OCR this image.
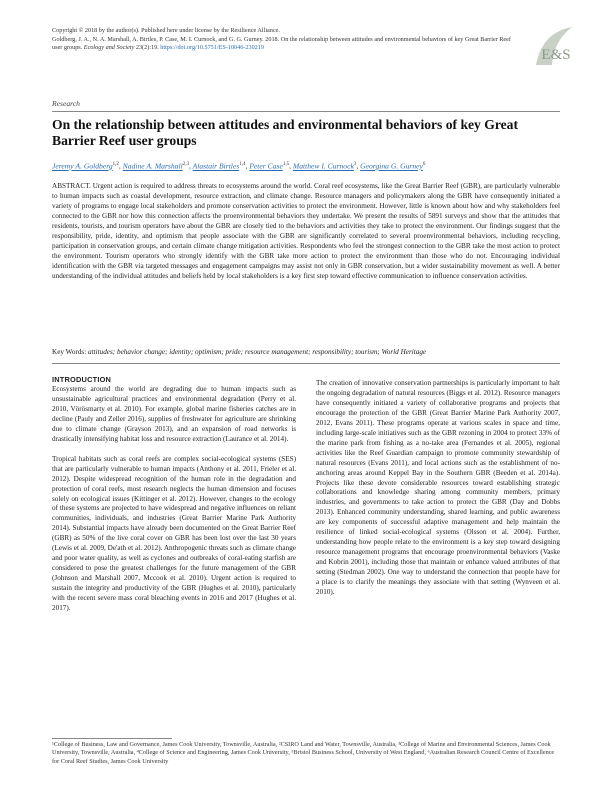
Copyright © 2018 by the author(s). Published here under license by the Resilience Alliance.
Goldberg, J. A., N. A. Marshall, A. Birtles, P. Case, M. I. Curnock, and G. G. Gurney. 2018. On the relationship between attitudes and environmental behaviors of key Great Barrier Reef user groups. Ecology and Society 23(2):19. https://doi.org/10.5751/ES-10046-230219	E&S
Research
On the relationship between attitudes and environmental behaviors of key Great Barrier Reef user groups
Jeremy A. Goldberg$^{1,2}$, Nadine A. Marshall$^{2,3}$, Alastair Birtles$^{1,4}$, Peter Case$^{1,5}$, Matthew I. Curnock$^3$, Georgina G. Gurney$^6$

ABSTRACT. Urgent action is required to address threats to ecosystems around the world. Coral reef ecosystems, like the Great Barrier Reef (GBR), are particularly vulnerable to human impacts such as coastal development, resource extraction, and climate change. Resource managers and policymakers along the GBR have consequently initiated a variety of programs to engage local stakeholders and promote conservation activities to protect the environment. However, little is known about how and why stakeholders feel connected to the GBR nor how this connection affects the proenvironmental behaviors they undertake. We present the results of 5891 surveys and show that the attitudes that residents, tourists, and tourism operators have about the GBR are closely tied to the behaviors and activities they take to protect the environment. Our findings suggest that the responsibility, pride, identity, and optimism that people associate with the GBR are significantly correlated to several proenvironmental behaviors, including recycling, participation in conservation groups, and certain climate change mitigation activities. Respondents who feel the strongest connection to the GBR take the most action to protect the environment. Tourism operators who strongly identify with the GBR take more action to protect the environment than those who do not. Encouraging individual identification with the GBR via targeted messages and engagement campaigns may assist not only in GBR conservation, but a wider sustainability movement as well. A better understanding of the individual attitudes and beliefs held by local stakeholders is a key first step toward effective communication to influence conservation activities.

Key Words: attitudes; behavior change; identity; optimism; pride; resource management; responsibility; tourism; World Heritage

INTRODUCTION

Ecosystems around the world are degrading due to human impacts such as unsustainable agricultural practices and environmental degradation (Perry et al. 2010, Vörösmarty et al. 2010). For example, global marine fisheries catches are in decline (Pauly and Zeller 2016), supplies of freshwater for agriculture are shrinking due to climate change (Grayson 2013), and an expansion of road networks is drastically intensifying habitat loss and resource extraction (Laurance et al. 2014).

Tropical habitats such as coral reefs are complex social-ecological systems (SES) that are particularly vulnerable to human impacts (Anthony et al. 2011, Frieler et al. 2012). Despite widespread recognition of the human role in the degradation and protection of coral reefs, most research neglects the human dimension and focuses solely on ecological issues (Kittinger et al. 2012). However, changes to the ecology of these systems are projected to have widespread and negative influences on reliant communities, individuals, and industries (Great Barrier Marine Park Authority 2014). Substantial impacts have already been documented on the Great Barrier Reef (GBR) as 50% of the live coral cover on GBR has been lost over the last 30 years (Lewis et al. 2009, De'ath et al. 2012). Anthropogenic threats such as climate change and poor water quality, as well as cyclones and outbreaks of coral-eating starfish are considered to pose the greatest challenges for the future management of the GBR (Johnson and Marshall 2007, Mccook et al. 2010). Urgent action is required to sustain the integrity and productivity of the GBR (Hughes et al. 2010), particularly with the recent severe mass coral bleaching events in 2016 and 2017 (Hughes et al. 2017).

The creation of innovative conservation partnerships is particularly important to halt the ongoing degradation of natural resources (Biggs et al. 2012). Resource managers have consequently initiated a variety of collaborative programs and projects that encourage the protection of the GBR (Great Barrier Marine Park Authority 2007, 2012, Evans 2011). These programs operate at various scales in space and time, including large-scale initiatives such as the GBR rezoning in 2004 to protect 33% of the marine park from fishing as a no-take area (Fernandes et al. 2005), regional activities like the Reef Guardian campaign to promote community stewardship of natural resources (Evans 2011), and local actions such as the establishment of no-anchoring areas around Keppel Bay in the Southern GBR (Beeden et al. 2014a). Projects like these devote considerable resources toward establishing strategic collaborations and knowledge sharing among community members, primary industries, and governments to take action to protect the GBR (Day and Dobbs 2013). Enhanced community understanding, shared learning, and public awareness are key components of successful adaptive management and help maintain the resilience of linked social-ecological systems (Olsson et al. 2004). Further, understanding how people relate to the environment is a key step toward designing resource management programs that encourage proenvironmental behaviors (Vaske and Kobrin 2001), including those that maintain or enhance valued attributes of that setting (Stedman 2002). One way to understand the connection that people have for a place is to clarify the meanings they associate with that setting (Wynveen et al. 2010).

¹College of Business, Law and Governance, James Cook University, Townsville, Australia, ²CSIRO Land and Water, Townsville, Australia, ³College of Marine and Environmental Sciences, James Cook University, Townsville, Australia, ⁴College of Science and Engineering, James Cook University, ⁵Bristol Business School, University of West England, ⁶Australian Research Council Centre of Excellence for Coral Reef Studies, James Cook University
